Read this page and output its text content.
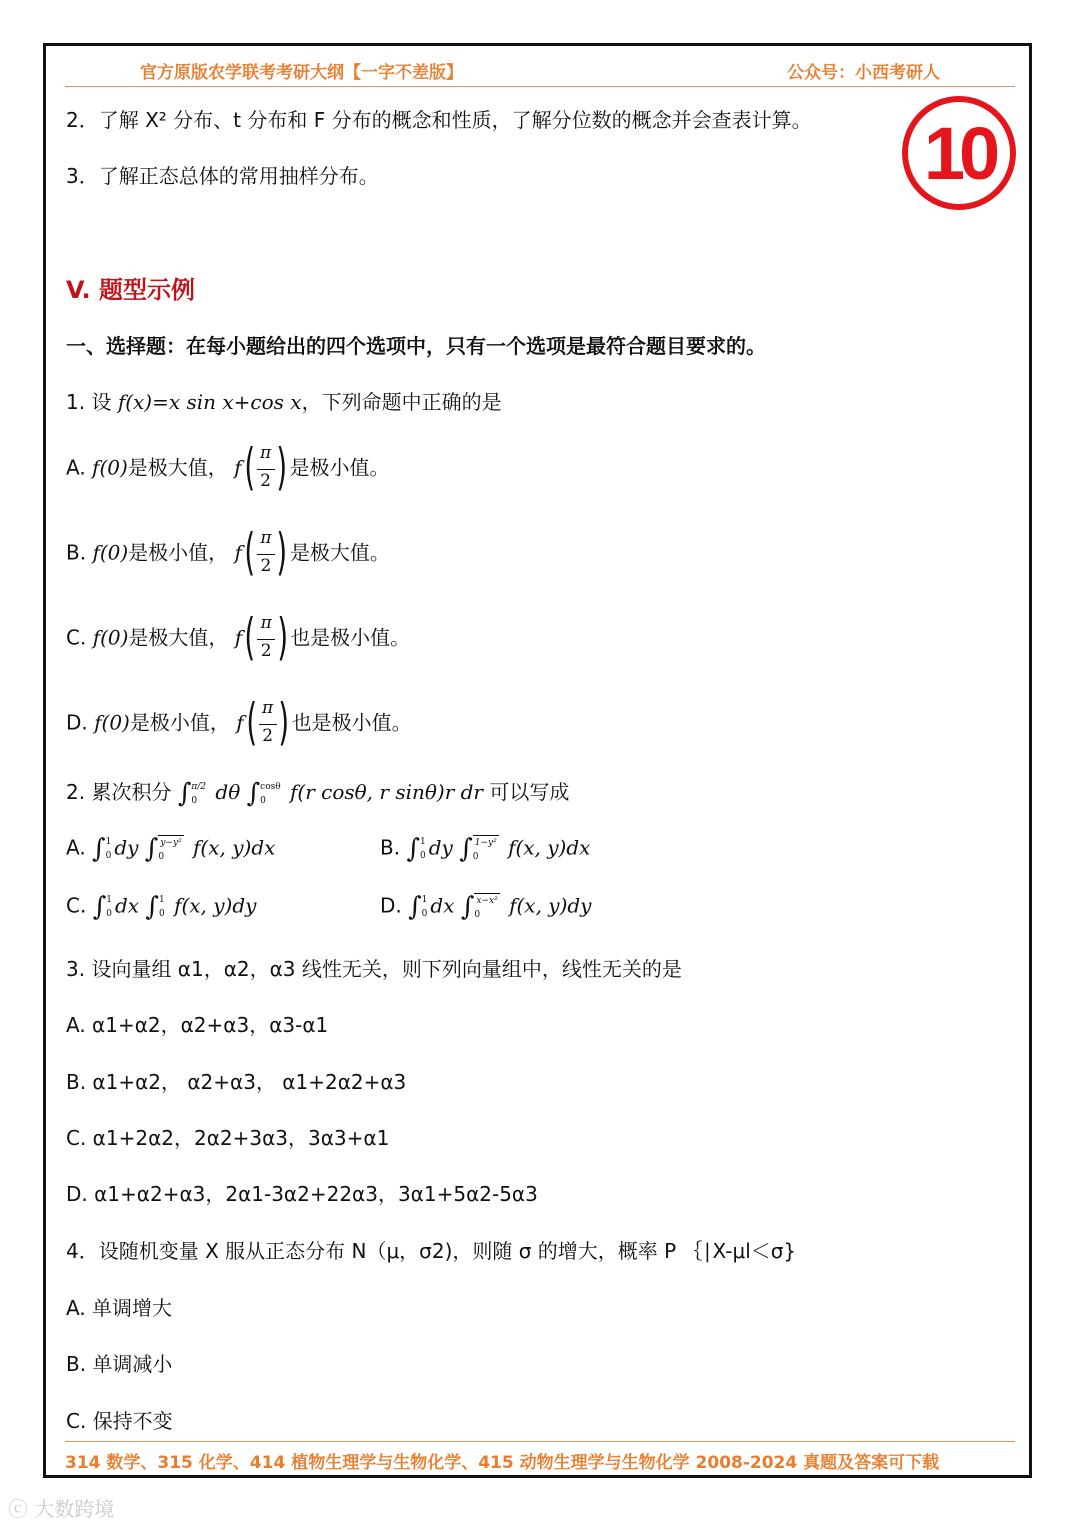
官方原版农学联考考研大纲【一字不差版】	公众号：小西考研人
10
2．了解 X² 分布、t 分布和 F 分布的概念和性质，了解分位数的概念并会查表计算。
3．了解正态总体的常用抽样分布。
V. 题型示例
一、选择题：在每小题给出的四个选项中，只有一个选项是最符合题目要求的。
1. 设 f(x)=x sin x+cos x，下列命题中正确的是
A. f(0)是极大值， f ( π
2 ) 是极小值。
B. f(0)是极小值， f ( π
2 ) 是极大值。
C. f(0)是极大值， f ( π
2 ) 也是极小值。
D. f(0)是极小值， f ( π
2 ) 也是极小值。
2. 累次积分 ∫ π/2
0 dθ ∫ cosθ
0	f(r cosθ, r sinθ)r dr 可以写成
A. ∫ 1
0 dy ∫ y−y²
0	f(x, y)dx	B. ∫ 1
0 dy ∫ 1−y²
0	f(x, y)dx
C. ∫ 1
0 dx ∫ 1
0 f(x, y)dy	D. ∫ 1
0 dx ∫ x−x²
0	f(x, y)dy
3. 设向量组 α1，α2，α3 线性无关，则下列向量组中，线性无关的是
A. α1+α2，α2+α3，α3-α1
B. α1+α2， α2+α3， α1+2α2+α3
C. α1+2α2，2α2+3α3，3α3+α1
D. α1+α2+α3，2α1-3α2+22α3，3α1+5α2-5α3
4．设随机变量 X 服从正态分布 N（μ，σ2)，则随 σ 的增大，概率 P ｛∣X-μl＜σ}
A. 单调增大
B. 单调减小
C. 保持不变
314 数学、315 化学、414 植物生理学与生物化学、415 动物生理学与生物化学 2008-2024 真题及答案可下载
ⓒ 大数跨境
